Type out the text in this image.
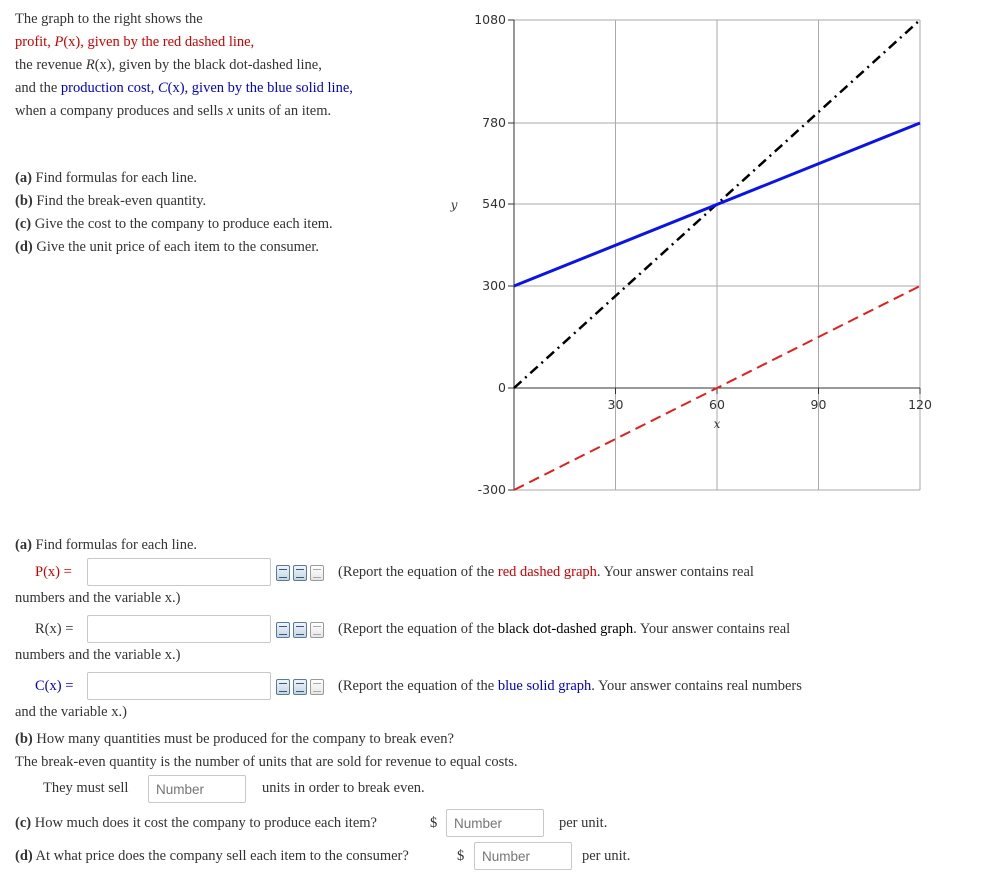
The graph to the right shows the
profit, P(x), given by the red dashed line,
the revenue R(x), given by the black dot-dashed line,
and the production cost, C(x), given by the blue solid line,
when a company produces and sells x units of an item.
(a) Find formulas for each line.
(b) Find the break-even quantity.
(c) Give the cost to the company to produce each item.
(d) Give the unit price of each item to the consumer.
1080
780
540
300
0
-300
30	60	90	120
x
y
(a) Find formulas for each line.
P(x) =	(Report the equation of the red dashed graph. Your answer contains real
numbers and the variable x.)
R(x) =	(Report the equation of the black dot-dashed graph. Your answer contains real
numbers and the variable x.)
C(x) =	(Report the equation of the blue solid graph. Your answer contains real numbers
and the variable x.)
(b) How many quantities must be produced for the company to break even?
The break-even quantity is the number of units that are sold for revenue to equal costs.
They must sell
Number	units in order to break even.
(c) How much does it cost the company to produce each item?	$
Number	per unit.
(d) At what price does the company sell each item to the consumer?	$
Number	per unit.
